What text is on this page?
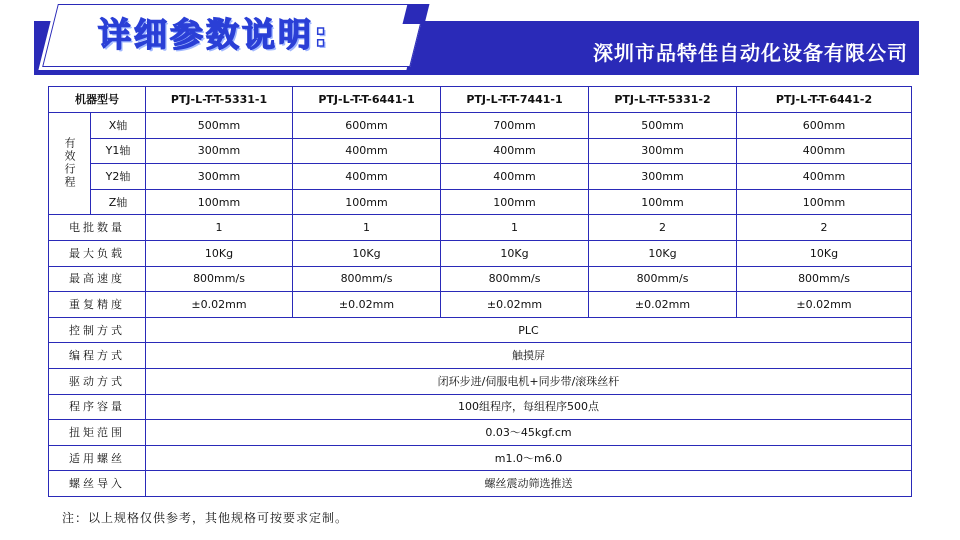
详细参数说明:	深圳市品特佳自动化设备有限公司
机器型号	PTJ-L-T-T-5331-1	PTJ-L-T-T-6441-1	PTJ-L-T-T-7441-1	PTJ-L-T-T-5331-2	PTJ-L-T-T-6441-2
有效行程	X轴	500mm	600mm	700mm	500mm	600mm
	Y1轴	300mm	400mm	400mm	300mm	400mm
	Y2轴	300mm	400mm	400mm	300mm	400mm
	Z轴	100mm	100mm	100mm	100mm	100mm
电批数量		1	1	1	2	2
最大负载		10Kg	10Kg	10Kg	10Kg	10Kg
最高速度		800mm/s	800mm/s	800mm/s	800mm/s	800mm/s
重复精度		±0.02mm	±0.02mm	±0.02mm	±0.02mm	±0.02mm
控制方式		PLC				
编程方式		触摸屏				
驱动方式		闭环步进/伺服电机+同步带/滚珠丝杆				
程序容量		100组程序，每组程序500点				
扭矩范围		0.03～45kgf.cm				
适用螺丝		m1.0～m6.0				
螺丝导入		螺丝震动筛选推送				
注：以上规格仅供参考，其他规格可按要求定制。
